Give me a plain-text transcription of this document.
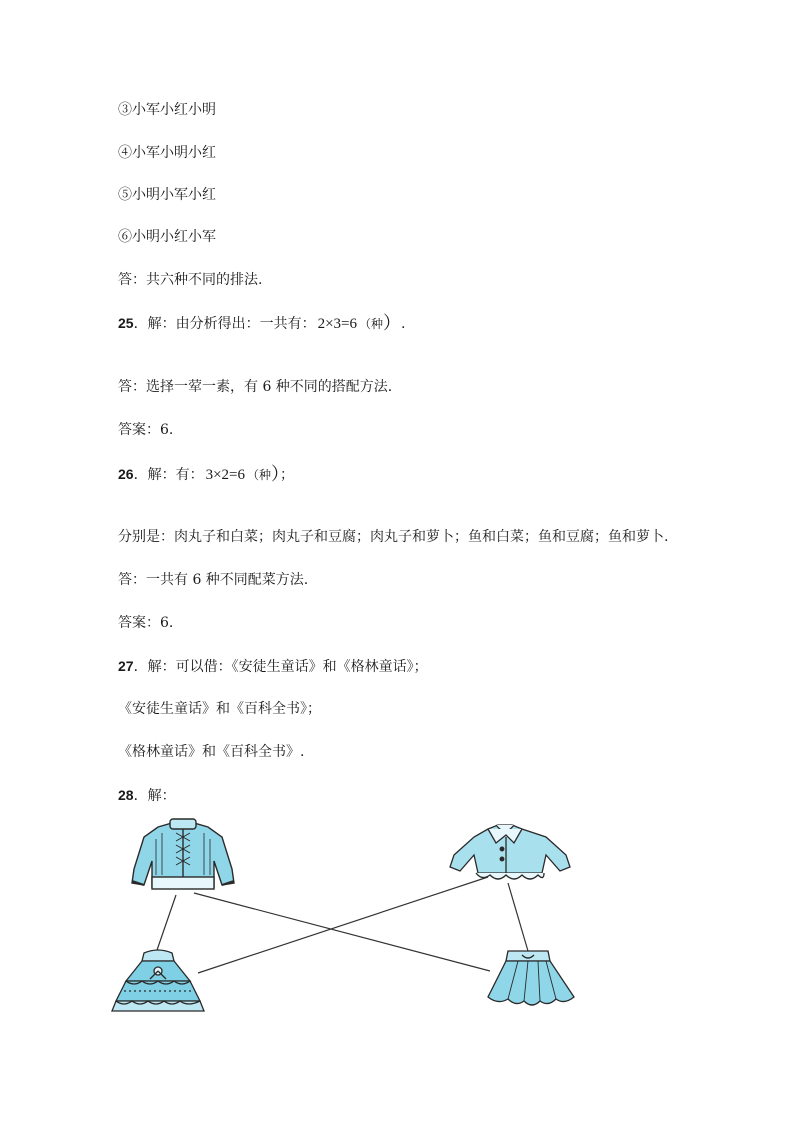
③小军小红小明
④小军小明小红
⑤小明小军小红
⑥小明小红小军
答：共六种不同的排法.
25．解：由分析得出：一共有： 2×3=6 （种）.
答：选择一荤一素，有 6 种不同的搭配方法.
答案：6.
26．解：有： 3×2=6 （种）；
分别是：肉丸子和白菜；肉丸子和豆腐；肉丸子和萝卜；鱼和白菜；鱼和豆腐；鱼和萝卜.
答：一共有 6 种不同配菜方法.
答案：6.
27．解：可以借：《安徒生童话》和《格林童话》；
《安徒生童话》和《百科全书》；
《格林童话》和《百科全书》.
28．解：
